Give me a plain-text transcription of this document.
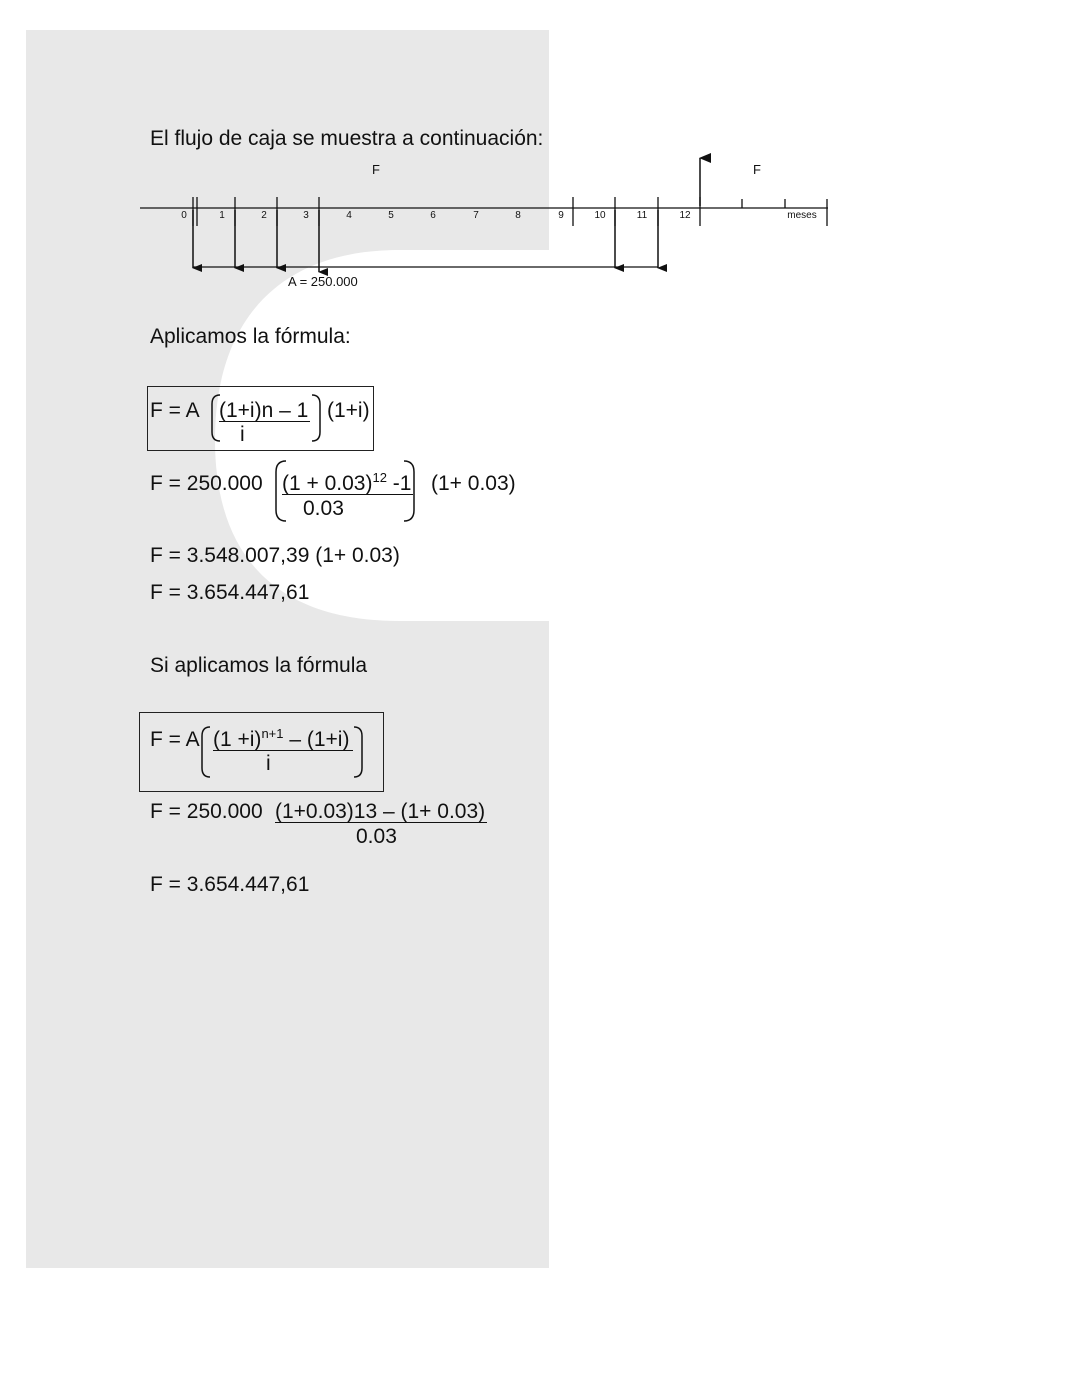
El flujo de caja se muestra a continuación:
0	1	2	3	4	5	6	7	8	9	10	11	12	meses
F	F
A = 250.000
Aplicamos la fórmula:
F = A (1+i)n – 1
i
(1+i)
F = 250.000 $(1 + 0.03)^{12}$ -1
0.03
(1+ 0.03)
F = 3.548.007,39 (1+ 0.03)
F = 3.654.447,61
Si aplicamos la fórmula
F = A $(1 +i)^{n+1} - (1+i)$
i
F = 250.000 (1+0.03)13 – (1+ 0.03)
0.03
F = 3.654.447,61
